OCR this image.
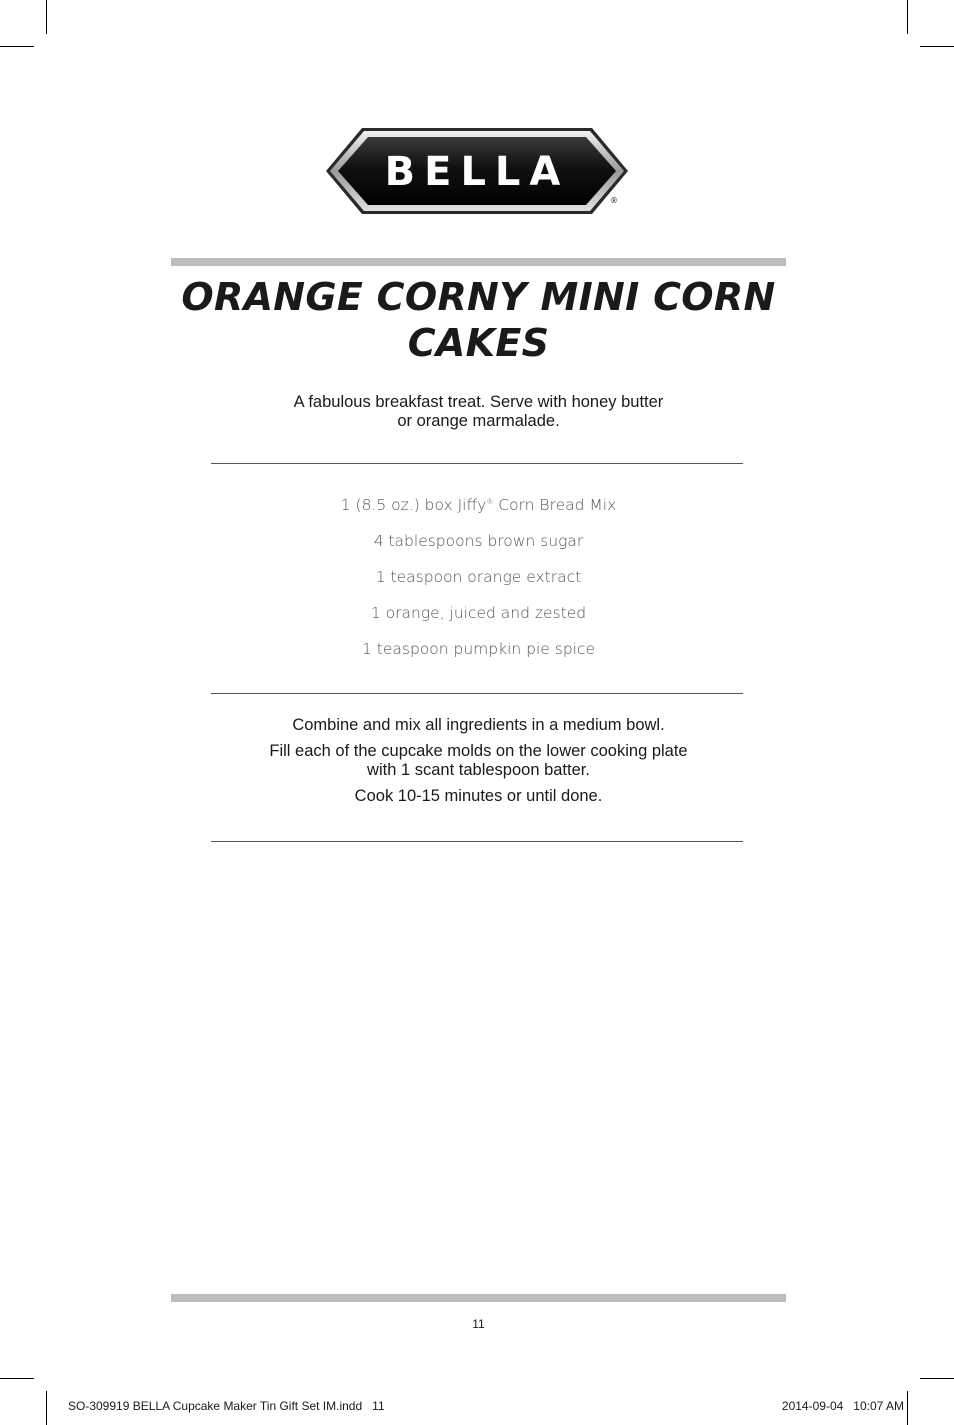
BELLA
®
ORANGE CORNY MINI CORN
CAKES
A fabulous breakfast treat. Serve with honey butter
or orange marmalade.
1 (8.5 oz.) box Jiffy® Corn Bread Mix
4 tablespoons brown sugar
1 teaspoon orange extract
1 orange, juiced and zested
1 teaspoon pumpkin pie spice

Combine and mix all ingredients in a medium bowl.

Fill each of the cupcake molds on the lower cooking plate
with 1 scant tablespoon batter.

Cook 10-15 minutes or until done.

11
SO-309919 BELLA Cupcake Maker Tin Gift Set IM.indd   11	2014-09-04   10:07 AM
